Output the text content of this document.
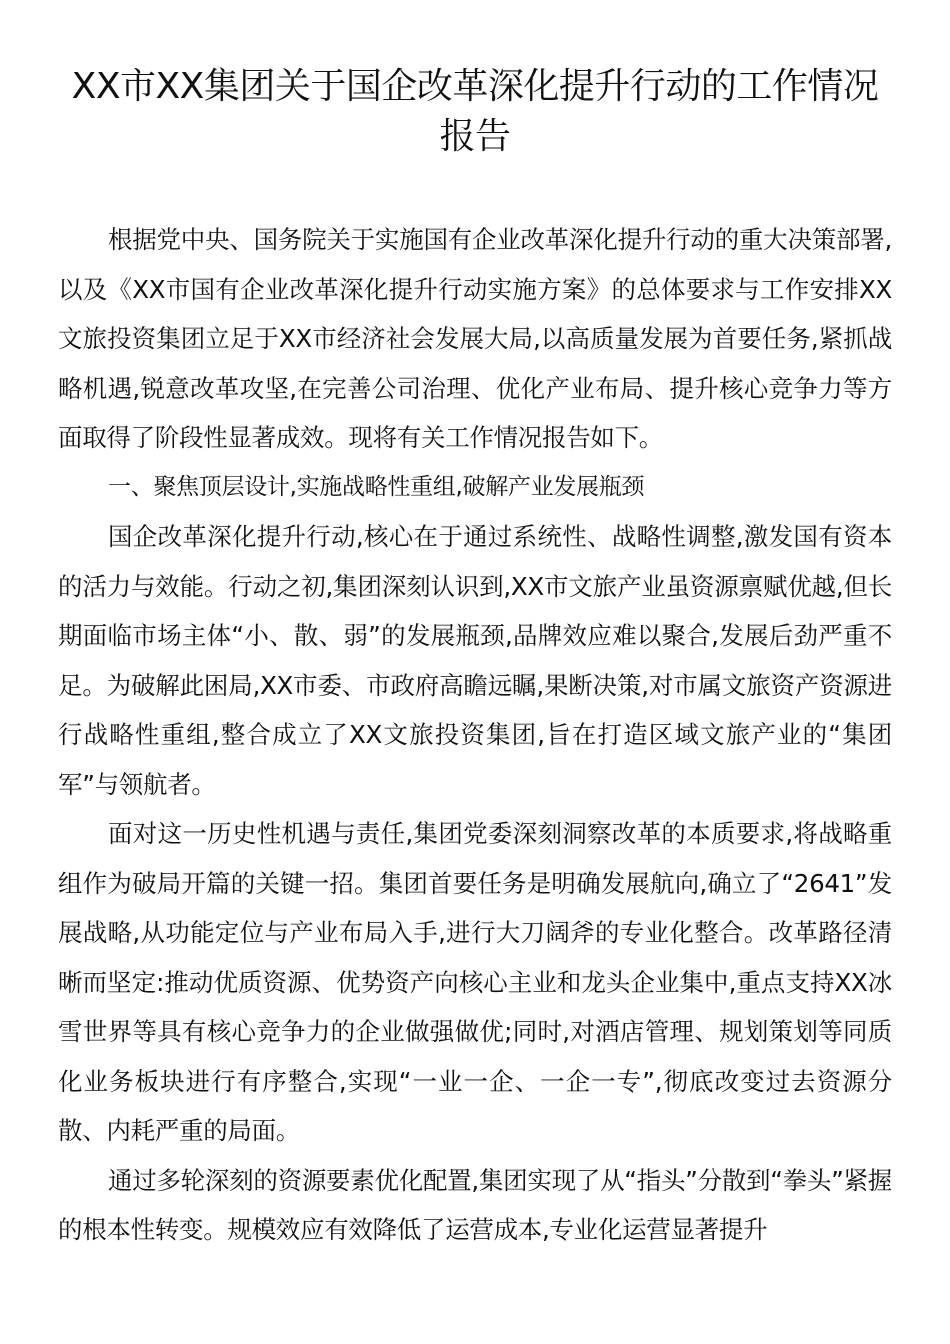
XX市XX集团关于国企改革深化提升行动的工作情况报告

根据党中央、国务院关于实施国有企业改革深化提升行动的重大决策部署,以及《XX市国有企业改革深化提升行动实施方案》的总体要求与工作安排XX文旅投资集团立足于XX市经济社会发展大局,以高质量发展为首要任务,紧抓战略机遇,锐意改革攻坚,在完善公司治理、优化产业布局、提升核心竞争力等方面取得了阶段性显著成效。现将有关工作情况报告如下。

一、聚焦顶层设计,实施战略性重组,破解产业发展瓶颈

国企改革深化提升行动,核心在于通过系统性、战略性调整,激发国有资本的活力与效能。行动之初,集团深刻认识到,XX市文旅产业虽资源禀赋优越,但长期面临市场主体“小、散、弱”的发展瓶颈,品牌效应难以聚合,发展后劲严重不足。为破解此困局,XX市委、市政府高瞻远瞩,果断决策,对市属文旅资产资源进行战略性重组,整合成立了XX文旅投资集团,旨在打造区域文旅产业的“集团军”与领航者。

面对这一历史性机遇与责任,集团党委深刻洞察改革的本质要求,将战略重组作为破局开篇的关键一招。集团首要任务是明确发展航向,确立了“2641”发展战略,从功能定位与产业布局入手,进行大刀阔斧的专业化整合。改革路径清晰而坚定:推动优质资源、优势资产向核心主业和龙头企业集中,重点支持XX冰雪世界等具有核心竞争力的企业做强做优;同时,对酒店管理、规划策划等同质化业务板块进行有序整合,实现“一业一企、一企一专”,彻底改变过去资源分散、内耗严重的局面。

通过多轮深刻的资源要素优化配置,集团实现了从“指头”分散到“拳头”紧握的根本性转变。规模效应有效降低了运营成本,专业化运营显著提升
